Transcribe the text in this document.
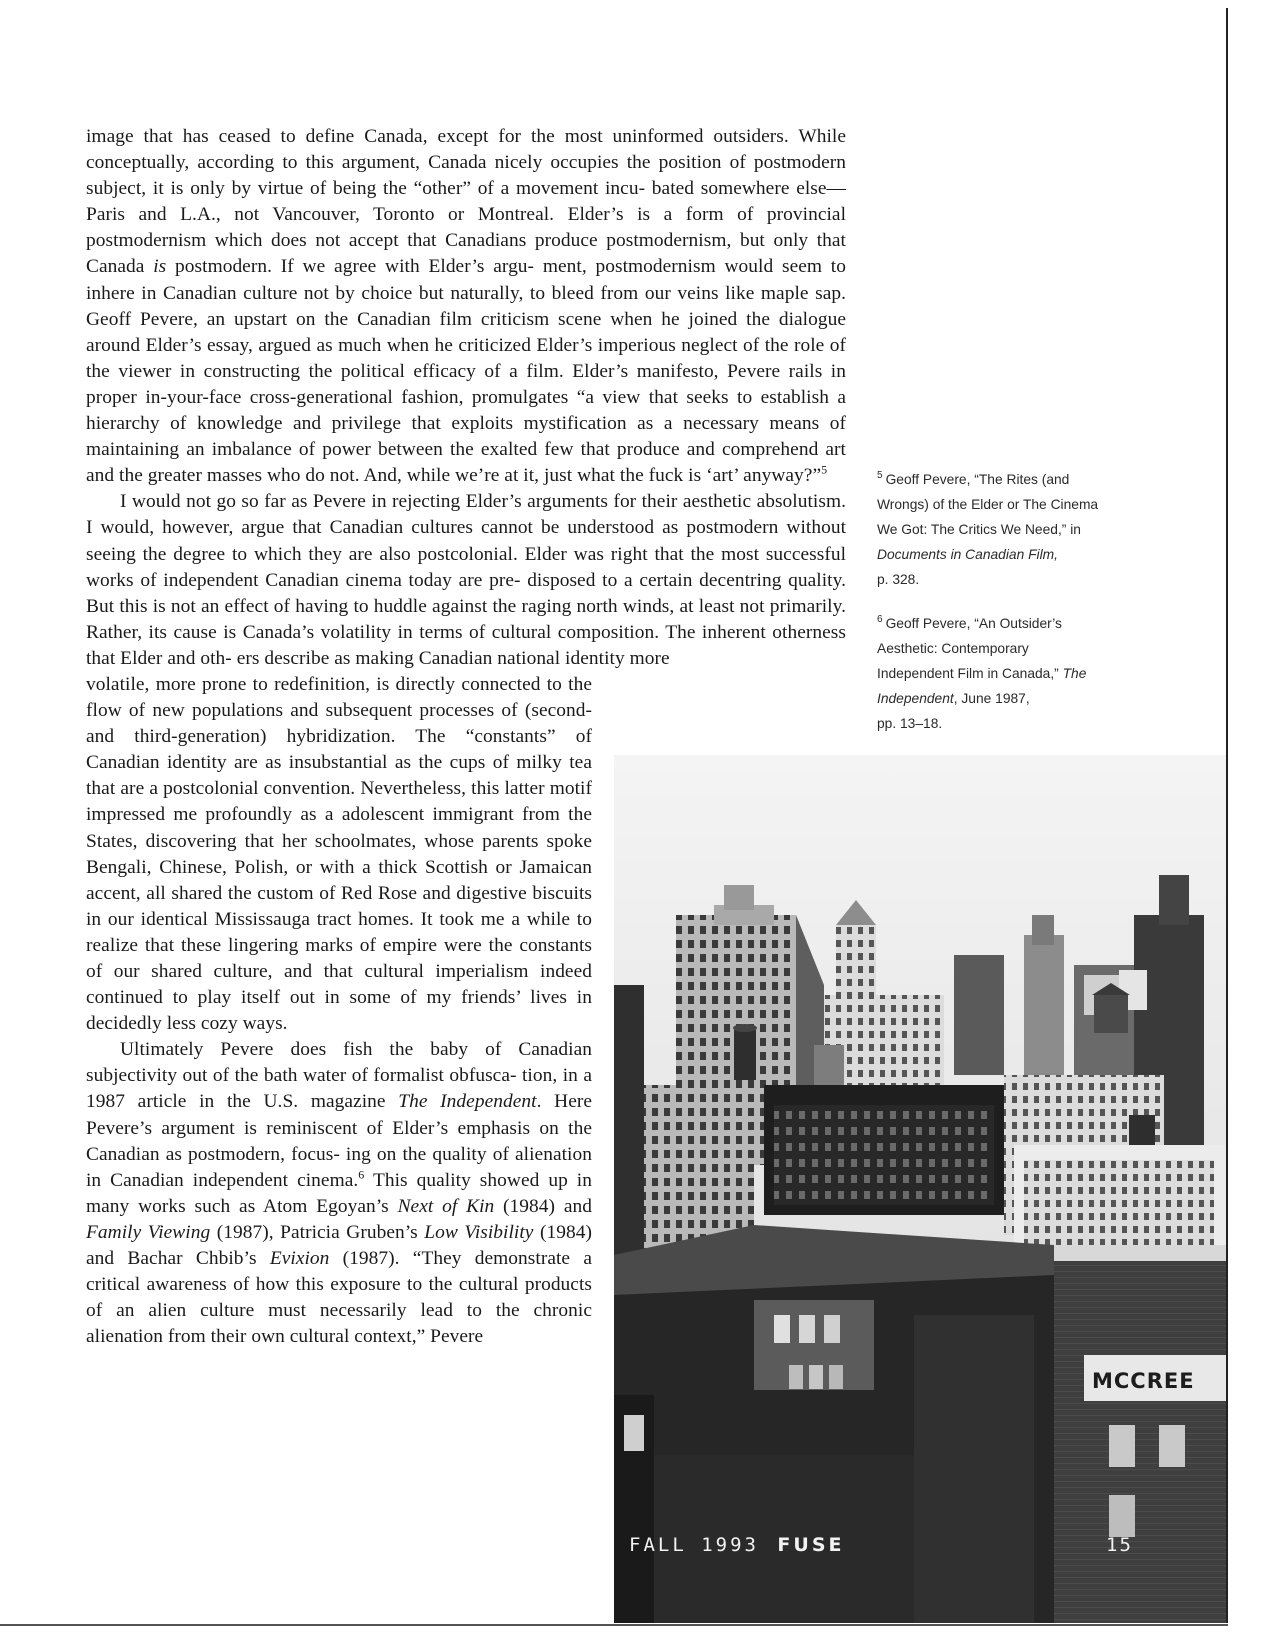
image that has ceased to define Canada, except for the most uninformed outsiders. While conceptually, according to this argument, Canada nicely occupies the position of postmodern subject, it is only by virtue of being the “other” of a movement incu- bated somewhere else—Paris and L.A., not Vancouver, Toronto or Montreal. Elder’s is a form of provincial postmodernism which does not accept that Canadians produce postmodernism, but only that Canada is postmodern. If we agree with Elder’s argu- ment, postmodernism would seem to inhere in Canadian culture not by choice but naturally, to bleed from our veins like maple sap. Geoff Pevere, an upstart on the Canadian film criticism scene when he joined the dialogue around Elder’s essay, argued as much when he criticized Elder’s imperious neglect of the role of the viewer in constructing the political efficacy of a film. Elder’s manifesto, Pevere rails in proper in-your-face cross-generational fashion, promulgates “a view that seeks to establish a hierarchy of knowledge and privilege that exploits mystification as a necessary means of maintaining an imbalance of power between the exalted few that produce and comprehend art and the greater masses who do not. And, while we’re at it, just what the fuck is ‘art’ anyway?”$^5$

I would not go so far as Pevere in rejecting Elder’s arguments for their aesthetic absolutism. I would, however, argue that Canadian cultures cannot be understood as postmodern without seeing the degree to which they are also postcolonial. Elder was right that the most successful works of independent Canadian cinema today are pre- disposed to a certain decentring quality. But this is not an effect of having to huddle against the raging north winds, at least not primarily. Rather, its cause is Canada’s volatility in terms of cultural composition. The inherent otherness that Elder and oth- ers describe as making Canadian national identity more

volatile, more prone to redefinition, is directly connected to the flow of new populations and subsequent processes of (second- and third-generation) hybridization. The “constants” of Canadian identity are as insubstantial as the cups of milky tea that are a postcolonial convention. Nevertheless, this latter motif impressed me profoundly as a adolescent immigrant from the States, discovering that her schoolmates, whose parents spoke Bengali, Chinese, Polish, or with a thick Scottish or Jamaican accent, all shared the custom of Red Rose and digestive biscuits in our identical Mississauga tract homes. It took me a while to realize that these lingering marks of empire were the constants of our shared culture, and that cultural imperialism indeed continued to play itself out in some of my friends’ lives in decidedly less cozy ways.

Ultimately Pevere does fish the baby of Canadian subjectivity out of the bath water of formalist obfusca- tion, in a 1987 article in the U.S. magazine The Independent. Here Pevere’s argument is reminiscent of Elder’s emphasis on the Canadian as postmodern, focus- ing on the quality of alienation in Canadian independent cinema.$^6$ This quality showed up in many works such as Atom Egoyan’s Next of Kin (1984) and Family Viewing (1987), Patricia Gruben’s Low Visibility (1984) and Bachar Chbib’s Evixion (1987). “They demonstrate a critical awareness of how this exposure to the cultural products of an alien culture must necessarily lead to the chronic alienation from their own cultural context,” Pevere

$^5$ Geoff Pevere, “The Rites (and
Wrongs) of the Elder or The Cinema
We Got: The Critics We Need,” in
Documents in Canadian Film,
p. 328.
$^6$ Geoff Pevere, “An Outsider’s
Aesthetic: Contemporary
Independent Film in Canada,” The
Independent, June 1987,
pp. 13–18.
MCCREE
FALL 1993 FUSE	15
